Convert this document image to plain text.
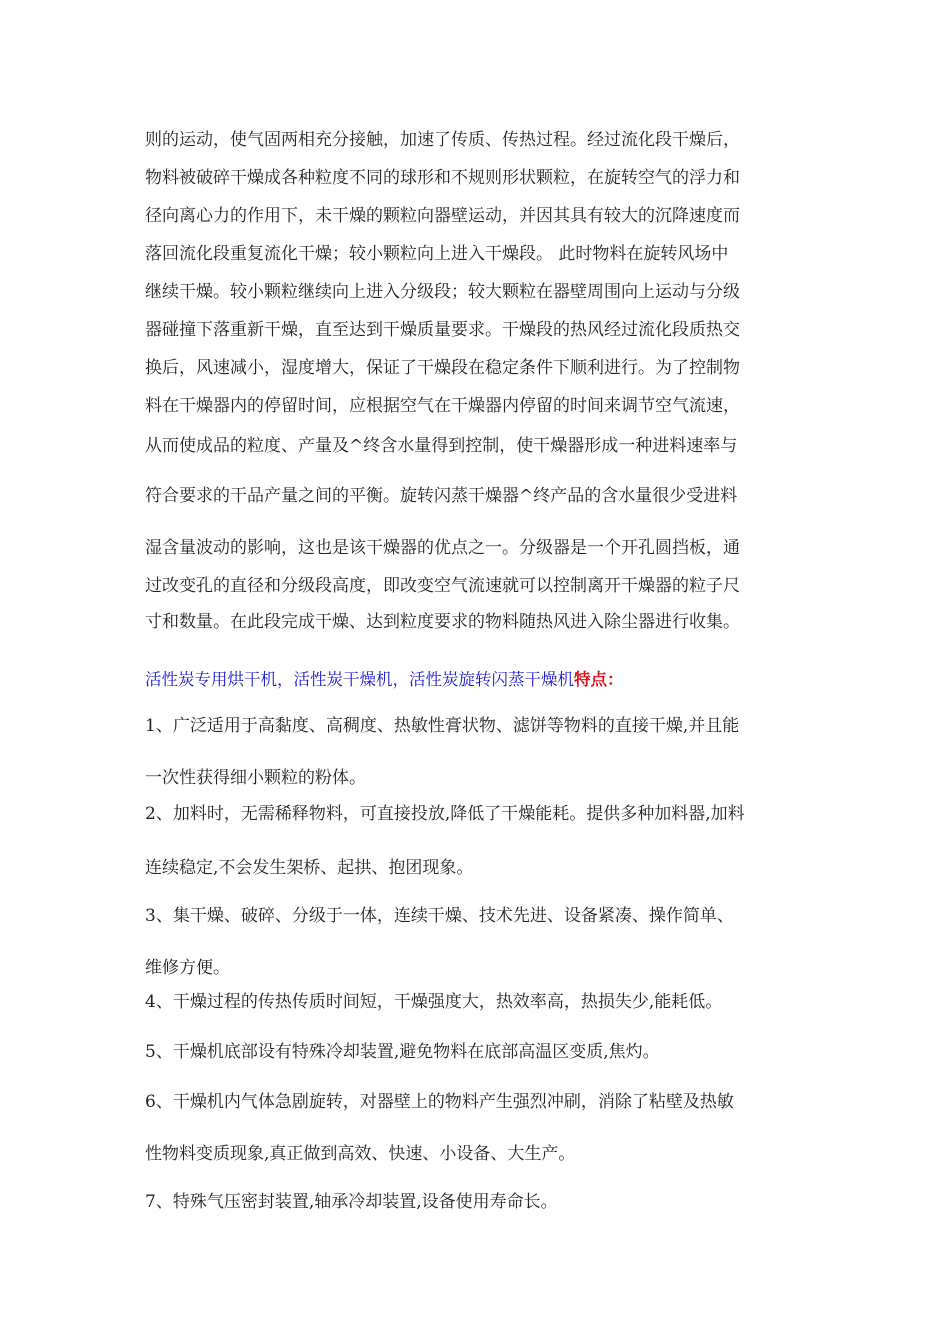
则的运动，使气固两相充分接触，加速了传质、传热过程。经过流化段干燥后，
物料被破碎干燥成各种粒度不同的球形和不规则形状颗粒，在旋转空气的浮力和
径向离心力的作用下，未干燥的颗粒向器壁运动，并因其具有较大的沉降速度而
落回流化段重复流化干燥；较小颗粒向上进入干燥段。 此时物料在旋转风场中
继续干燥。较小颗粒继续向上进入分级段；较大颗粒在器壁周围向上运动与分级
器碰撞下落重新干燥，直至达到干燥质量要求。干燥段的热风经过流化段质热交
换后，风速减小，湿度增大，保证了干燥段在稳定条件下顺利进行。为了控制物
料在干燥器内的停留时间，应根据空气在干燥器内停留的时间来调节空气流速，
从而使成品的粒度、产量及^终含水量得到控制，使干燥器形成一种进料速率与
符合要求的干品产量之间的平衡。旋转闪蒸干燥器^终产品的含水量很少受进料
湿含量波动的影响，这也是该干燥器的优点之一。分级器是一个开孔圆挡板，通
过改变孔的直径和分级段高度，即改变空气流速就可以控制离开干燥器的粒子尺
寸和数量。在此段完成干燥、达到粒度要求的物料随热风进入除尘器进行收集。
活性炭专用烘干机，活性炭干燥机，活性炭旋转闪蒸干燥机特点：
1、广泛适用于高黏度、高稠度、热敏性膏状物、滤饼等物料的直接干燥,并且能
一次性获得细小颗粒的粉体。
2、加料时，无需稀释物料，可直接投放,降低了干燥能耗。提供多种加料器,加料
连续稳定,不会发生架桥、起拱、抱团现象。
3、集干燥、破碎、分级于一体，连续干燥、技术先进、设备紧凑、操作简单、
维修方便。
4、干燥过程的传热传质时间短，干燥强度大，热效率高，热损失少,能耗低。
5、干燥机底部设有特殊冷却装置,避免物料在底部高温区变质,焦灼。
6、干燥机内气体急剧旋转，对器壁上的物料产生强烈冲刷，消除了粘壁及热敏
性物料变质现象,真正做到高效、快速、小设备、大生产。
7、特殊气压密封装置,轴承冷却装置,设备使用寿命长。
